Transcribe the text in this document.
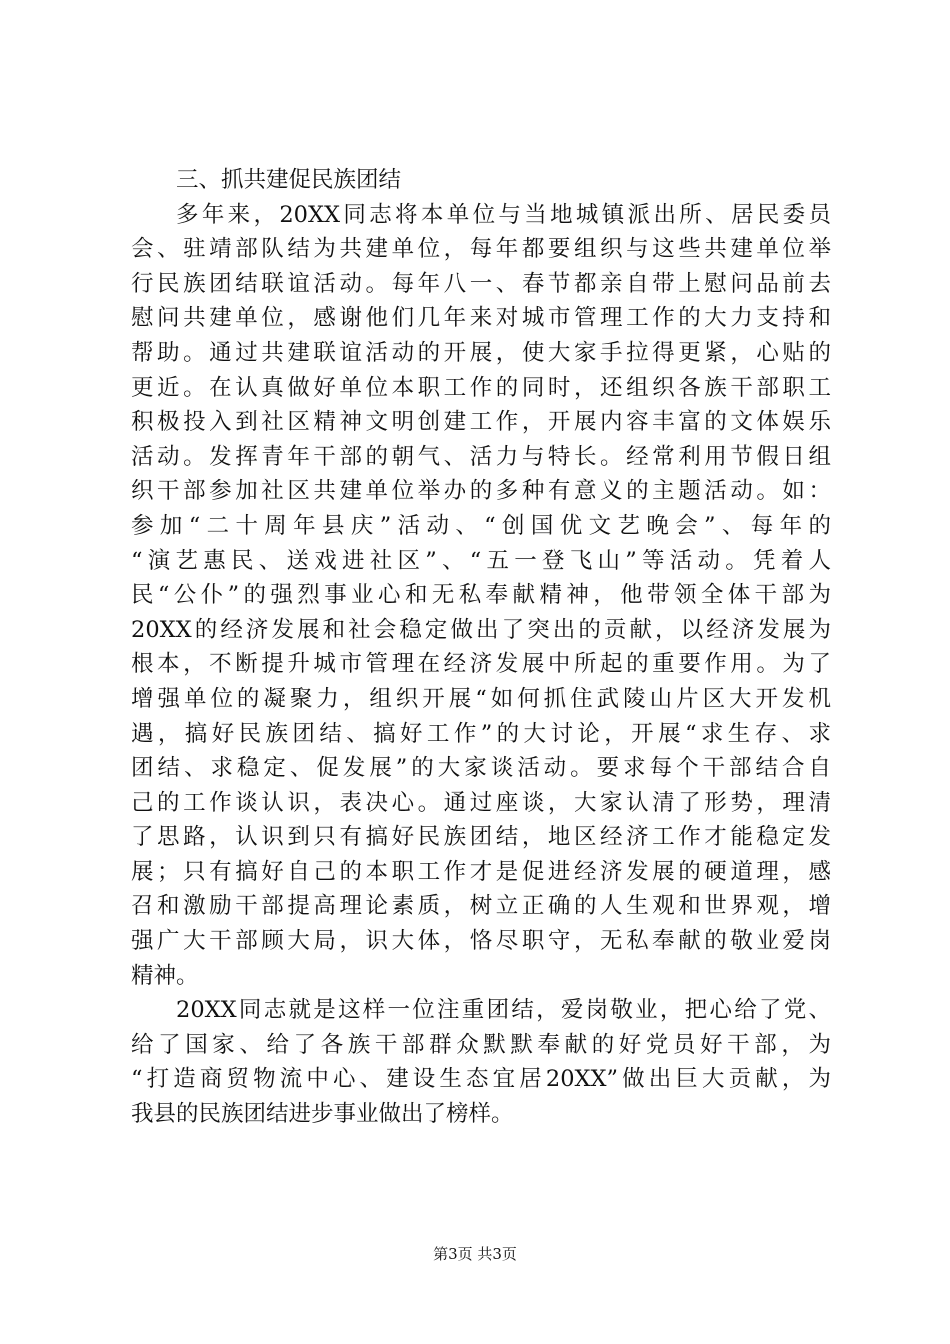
三、抓共建促民族团结
多年来，20XX同志将本单位与当地城镇派出所、居民委员
会、驻靖部队结为共建单位，每年都要组织与这些共建单位举
行民族团结联谊活动。每年八一、春节都亲自带上慰问品前去
慰问共建单位，感谢他们几年来对城市管理工作的大力支持和
帮助。通过共建联谊活动的开展，使大家手拉得更紧，心贴的
更近。在认真做好单位本职工作的同时，还组织各族干部职工
积极投入到社区精神文明创建工作，开展内容丰富的文体娱乐
活动。发挥青年干部的朝气、活力与特长。经常利用节假日组
织干部参加社区共建单位举办的多种有意义的主题活动。如：
参加“二十周年县庆”活动、“创国优文艺晚会”、每年的
“演艺惠民、送戏进社区”、“五一登飞山”等活动。凭着人
民“公仆”的强烈事业心和无私奉献精神，他带领全体干部为
20XX的经济发展和社会稳定做出了突出的贡献，以经济发展为
根本，不断提升城市管理在经济发展中所起的重要作用。为了
增强单位的凝聚力，组织开展“如何抓住武陵山片区大开发机
遇，搞好民族团结、搞好工作”的大讨论，开展“求生存、求
团结、求稳定、促发展”的大家谈活动。要求每个干部结合自
己的工作谈认识，表决心。通过座谈，大家认清了形势，理清
了思路，认识到只有搞好民族团结，地区经济工作才能稳定发
展；只有搞好自己的本职工作才是促进经济发展的硬道理，感
召和激励干部提高理论素质，树立正确的人生观和世界观，增
强广大干部顾大局，识大体，恪尽职守，无私奉献的敬业爱岗
精神。
20XX同志就是这样一位注重团结，爱岗敬业，把心给了党、
给了国家、给了各族干部群众默默奉献的好党员好干部，为
“打造商贸物流中心、建设生态宜居20XX”做出巨大贡献，为
我县的民族团结进步事业做出了榜样。
第3页 共3页
